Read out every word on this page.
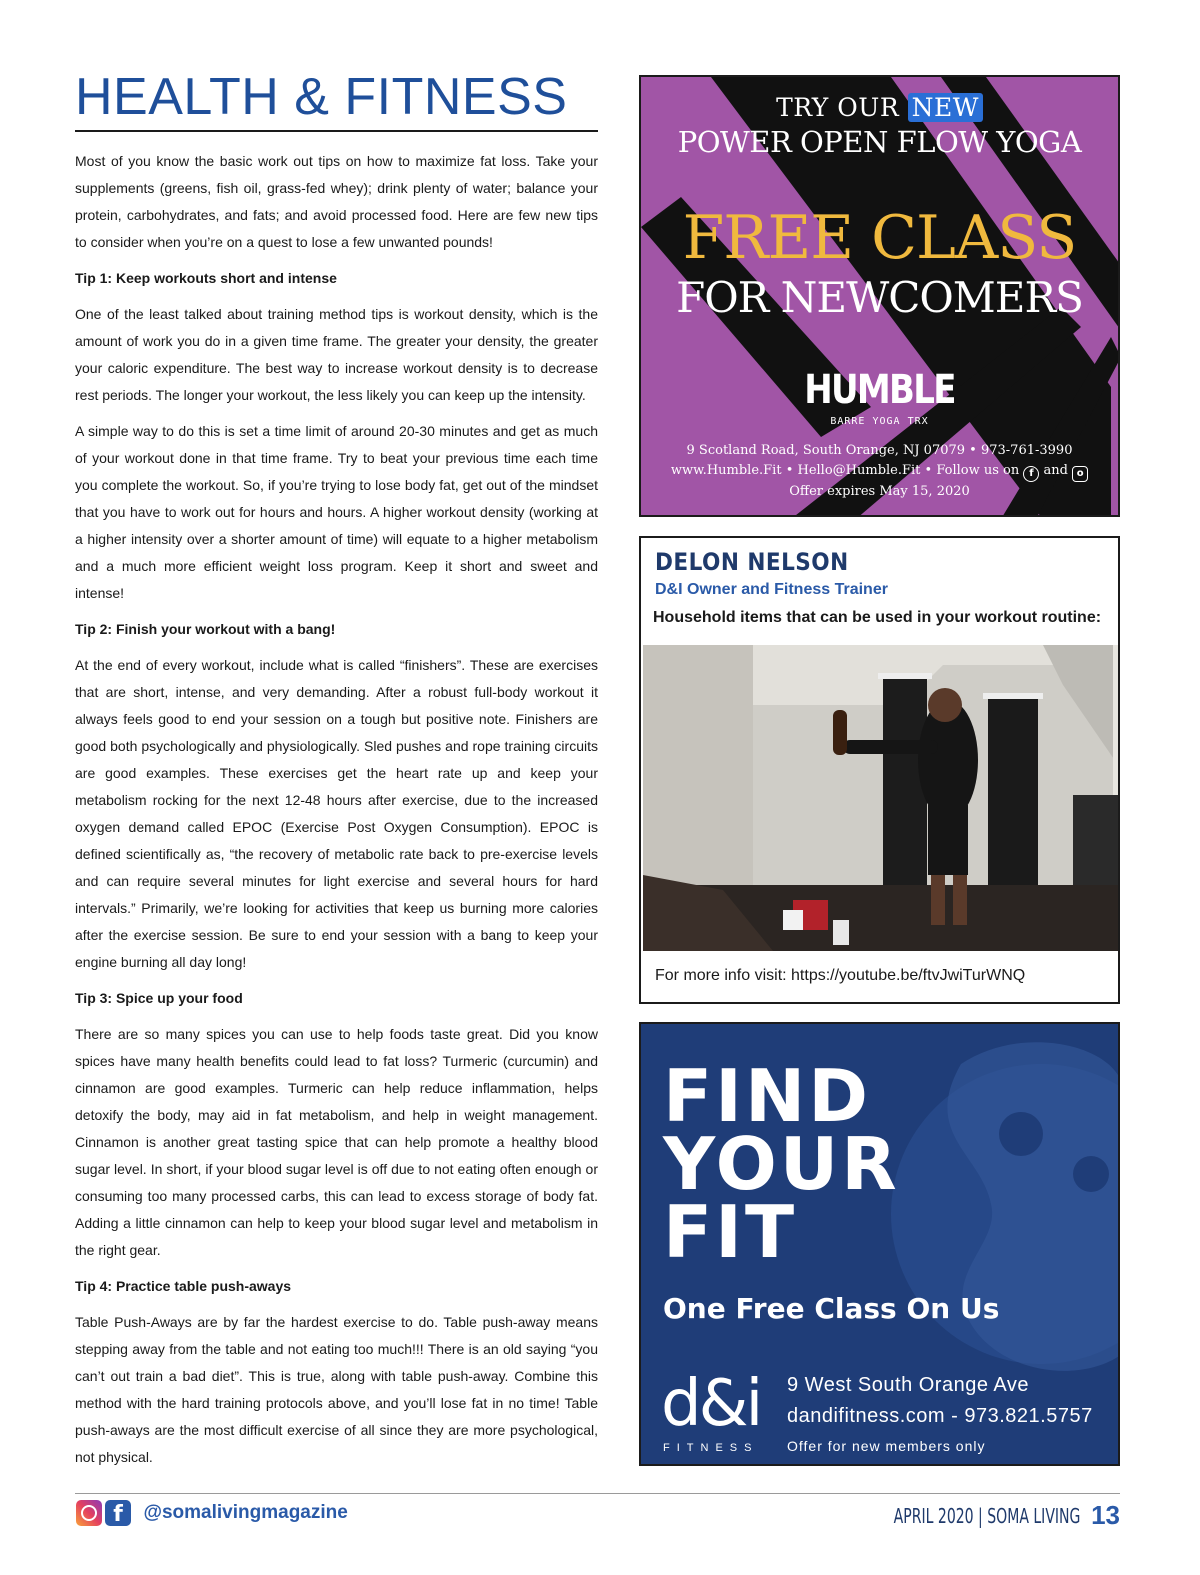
HEALTH & FITNESS

Most of you know the basic work out tips on how to maximize fat loss. Take your supplements (greens, fish oil, grass-fed whey); drink plenty of water; balance your protein, carbohydrates, and fats; and avoid processed food. Here are few new tips to consider when you’re on a quest to lose a few unwanted pounds!

Tip 1: Keep workouts short and intense

One of the least talked about training method tips is workout density, which is the amount of work you do in a given time frame. The greater your density, the greater your caloric expenditure. The best way to increase workout density is to decrease rest periods. The longer your workout, the less likely you can keep up the intensity.

A simple way to do this is set a time limit of around 20-30 minutes and get as much of your workout done in that time frame. Try to beat your previous time each time you complete the workout. So, if you’re trying to lose body fat, get out of the mindset that you have to work out for hours and hours. A higher workout density (working at a higher intensity over a shorter amount of time) will equate to a higher metabolism and a much more efficient weight loss program. Keep it short and sweet and intense!

Tip 2: Finish your workout with a bang!

At the end of every workout, include what is called “finishers”. These are exercises that are short, intense, and very demanding. After a robust full-body workout it always feels good to end your session on a tough but positive note. Finishers are good both psychologically and physiologically. Sled pushes and rope training circuits are good examples. These exercises get the heart rate up and keep your metabolism rocking for the next 12-48 hours after exercise, due to the increased oxygen demand called EPOC (Exercise Post Oxygen Consumption). EPOC is defined scientifically as, “the recovery of metabolic rate back to pre-exercise levels and can require several minutes for light exercise and several hours for hard intervals.” Primarily, we’re looking for activities that keep us burning more calories after the exercise session. Be sure to end your session with a bang to keep your engine burning all day long!

Tip 3: Spice up your food

There are so many spices you can use to help foods taste great. Did you know spices have many health benefits could lead to fat loss? Turmeric (curcumin) and cinnamon are good examples. Turmeric can help reduce inflammation, helps detoxify the body, may aid in fat metabolism, and help in weight management. Cinnamon is another great tasting spice that can help promote a healthy blood sugar level. In short, if your blood sugar level is off due to not eating often enough or consuming too many processed carbs, this can lead to excess storage of body fat. Adding a little cinnamon can help to keep your blood sugar level and metabolism in the right gear.

Tip 4: Practice table push-aways

Table Push-Aways are by far the hardest exercise to do. Table push-away means stepping away from the table and not eating too much!!! There is an old saying “you can’t out train a bad diet”. This is true, along with table push-away. Combine this method with the hard training protocols above, and you’ll lose fat in no time! Table push-aways are the most difficult exercise of all since they are more psychological, not physical.

TRY OUR NEW
POWER OPEN FLOW YOGA
FREE CLASS
FOR NEWCOMERS
HUMBLE
BARRE YOGA TRX
9 Scotland Road, South Orange, NJ 07079 • 973-761-3990
www.Humble.Fit • Hello@Humble.Fit • Follow us on f and o
Offer expires May 15, 2020
DELON NELSON
D&I Owner and Fitness Trainer
Household items that can be used in your workout routine:
For more info visit: https://youtube.be/ftvJwiTurWNQ
FIND
YOUR
FIT
One Free Class On Us
d&i
FITNESS
9 West South Orange Ave
dandifitness.com - 973.821.5757
Offer for new members only
f @somalivingmagazine	APRIL 2020 | SOMA LIVING 13
